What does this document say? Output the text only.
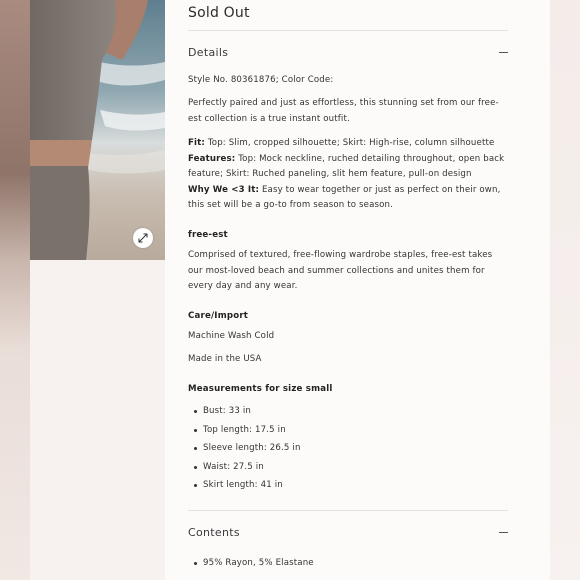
Sold Out
Details
Style No. 80361876; Color Code:
Perfectly paired and just as effortless, this stunning set from our free-est collection is a true instant outfit.
Fit: Top: Slim, cropped silhouette; Skirt: High-rise, column silhouette
Features: Top: Mock neckline, ruched detailing throughout, open back feature; Skirt: Ruched paneling, slit hem feature, pull-on design
Why We <3 It: Easy to wear together or just as perfect on their own, this set will be a go-to from season to season.
free-est
Comprised of textured, free-flowing wardrobe staples, free-est takes our most-loved beach and summer collections and unites them for every day and any wear.
Care/Import
Machine Wash Cold
Made in the USA
Measurements for size small
Bust: 33 in
Top length: 17.5 in
Sleeve length: 26.5 in
Waist: 27.5 in
Skirt length: 41 in
Contents
95% Rayon, 5% Elastane
